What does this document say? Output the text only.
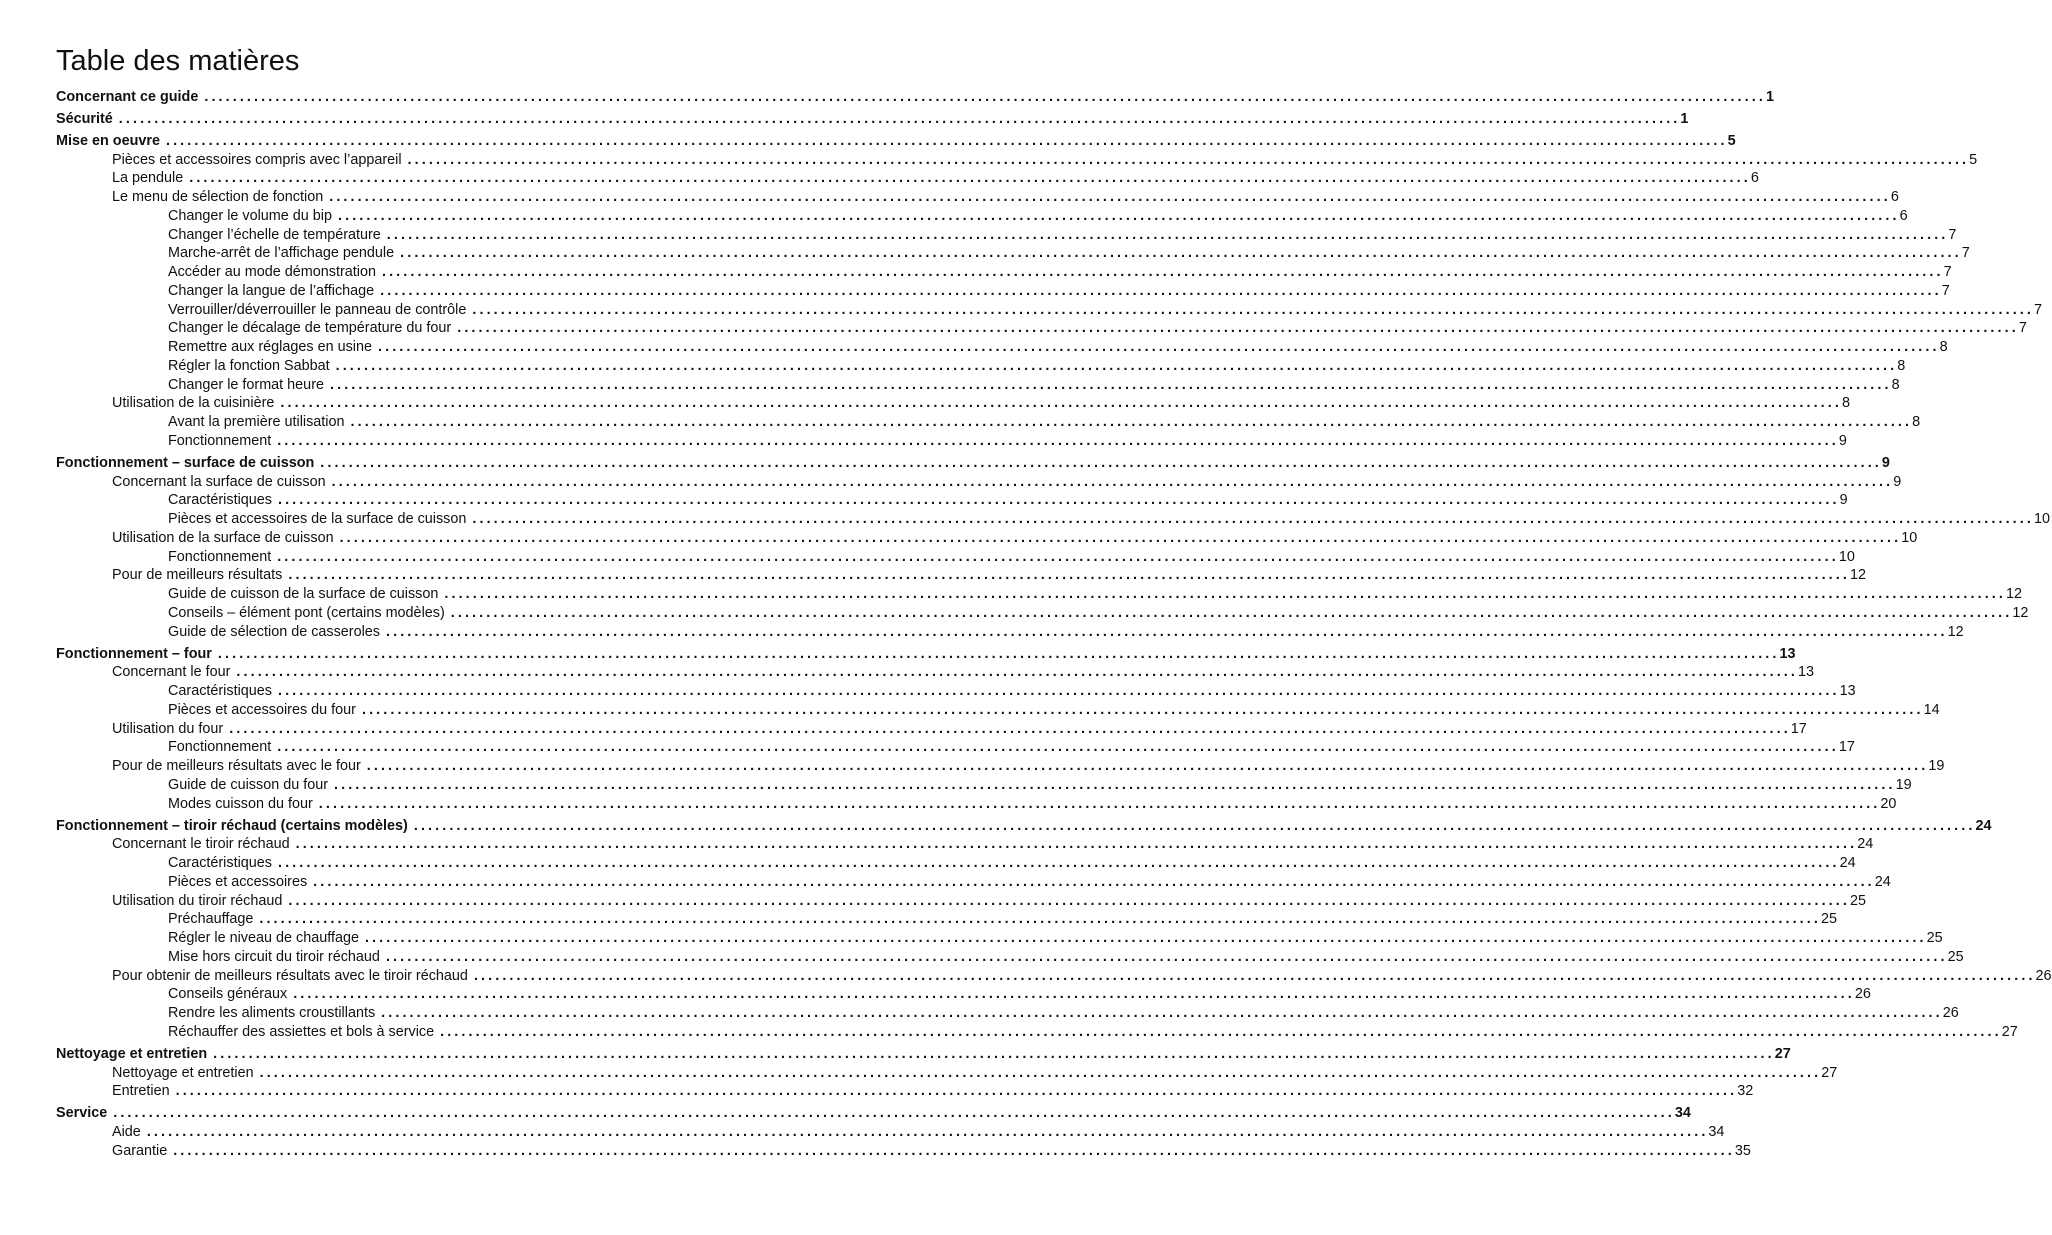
Table des matières
Concernant ce guide ............................................................................................................................................................................................................................ 1
Sécurité ............................................................................................................................................................................................................................ 1
Mise en oeuvre ............................................................................................................................................................................................................................ 5
Pièces et accessoires compris avec l’appareil ............................................................................................................................................................................................................................ 5
La pendule ............................................................................................................................................................................................................................ 6
Le menu de sélection de fonction ............................................................................................................................................................................................................................ 6
Changer le volume du bip ............................................................................................................................................................................................................................ 6
Changer l’échelle de température ............................................................................................................................................................................................................................ 7
Marche-arrêt de l’affichage pendule ............................................................................................................................................................................................................................ 7
Accéder au mode démonstration ............................................................................................................................................................................................................................ 7
Changer la langue de l’affichage ............................................................................................................................................................................................................................ 7
Verrouiller/déverrouiller le panneau de contrôle ............................................................................................................................................................................................................................ 7
Changer le décalage de température du four ............................................................................................................................................................................................................................ 7
Remettre aux réglages en usine ............................................................................................................................................................................................................................ 8
Régler la fonction Sabbat ............................................................................................................................................................................................................................ 8
Changer le format heure ............................................................................................................................................................................................................................ 8
Utilisation de la cuisinière ............................................................................................................................................................................................................................ 8
Avant la première utilisation ............................................................................................................................................................................................................................ 8
Fonctionnement ............................................................................................................................................................................................................................ 9
Fonctionnement – surface de cuisson ............................................................................................................................................................................................................................ 9
Concernant la surface de cuisson ............................................................................................................................................................................................................................ 9
Caractéristiques ............................................................................................................................................................................................................................ 9
Pièces et accessoires de la surface de cuisson ............................................................................................................................................................................................................................ 10
Utilisation de la surface de cuisson ............................................................................................................................................................................................................................ 10
Fonctionnement ............................................................................................................................................................................................................................ 10
Pour de meilleurs résultats ............................................................................................................................................................................................................................ 12
Guide de cuisson de la surface de cuisson ............................................................................................................................................................................................................................ 12
Conseils – élément pont (certains modèles) ............................................................................................................................................................................................................................ 12
Guide de sélection de casseroles ............................................................................................................................................................................................................................ 12
Fonctionnement – four ............................................................................................................................................................................................................................ 13
Concernant le four ............................................................................................................................................................................................................................ 13
Caractéristiques ............................................................................................................................................................................................................................ 13
Pièces et accessoires du four ............................................................................................................................................................................................................................ 14
Utilisation du four ............................................................................................................................................................................................................................ 17
Fonctionnement ............................................................................................................................................................................................................................ 17
Pour de meilleurs résultats avec le four ............................................................................................................................................................................................................................ 19
Guide de cuisson du four ............................................................................................................................................................................................................................ 19
Modes cuisson du four ............................................................................................................................................................................................................................ 20
Fonctionnement – tiroir réchaud (certains modèles) ............................................................................................................................................................................................................................ 24
Concernant le tiroir réchaud ............................................................................................................................................................................................................................ 24
Caractéristiques ............................................................................................................................................................................................................................ 24
Pièces et accessoires ............................................................................................................................................................................................................................ 24
Utilisation du tiroir réchaud ............................................................................................................................................................................................................................ 25
Préchauffage ............................................................................................................................................................................................................................ 25
Régler le niveau de chauffage ............................................................................................................................................................................................................................ 25
Mise hors circuit du tiroir réchaud ............................................................................................................................................................................................................................ 25
Pour obtenir de meilleurs résultats avec le tiroir réchaud ............................................................................................................................................................................................................................ 26
Conseils généraux ............................................................................................................................................................................................................................ 26
Rendre les aliments croustillants ............................................................................................................................................................................................................................ 26
Réchauffer des assiettes et bols à service ............................................................................................................................................................................................................................ 27
Nettoyage et entretien ............................................................................................................................................................................................................................ 27
Nettoyage et entretien ............................................................................................................................................................................................................................ 27
Entretien ............................................................................................................................................................................................................................ 32
Service ............................................................................................................................................................................................................................ 34
Aide ............................................................................................................................................................................................................................ 34
Garantie ............................................................................................................................................................................................................................ 35
